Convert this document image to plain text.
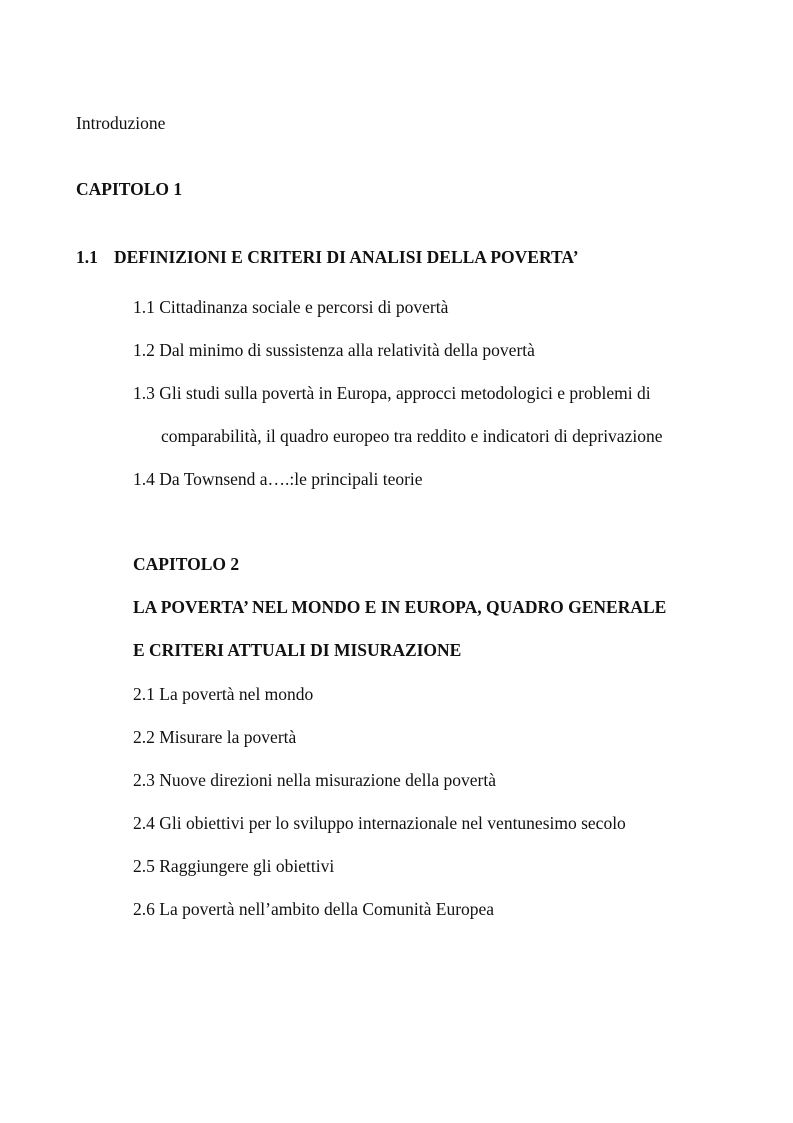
Introduzione
CAPITOLO 1
1.1 DEFINIZIONI E CRITERI DI ANALISI DELLA POVERTA’
1.1 Cittadinanza sociale e percorsi di povertà
1.2 Dal minimo di sussistenza alla relatività della povertà
1.3 Gli studi sulla povertà in Europa, approcci metodologici e problemi di
comparabilità, il quadro europeo tra reddito e indicatori di deprivazione
1.4 Da Townsend a….:le principali teorie
CAPITOLO 2
LA POVERTA’ NEL MONDO E IN EUROPA, QUADRO GENERALE
E CRITERI ATTUALI DI MISURAZIONE
2.1 La povertà nel mondo
2.2 Misurare la povertà
2.3 Nuove direzioni nella misurazione della povertà
2.4 Gli obiettivi per lo sviluppo internazionale nel ventunesimo secolo
2.5 Raggiungere gli obiettivi
2.6 La povertà nell’ambito della Comunità Europea
